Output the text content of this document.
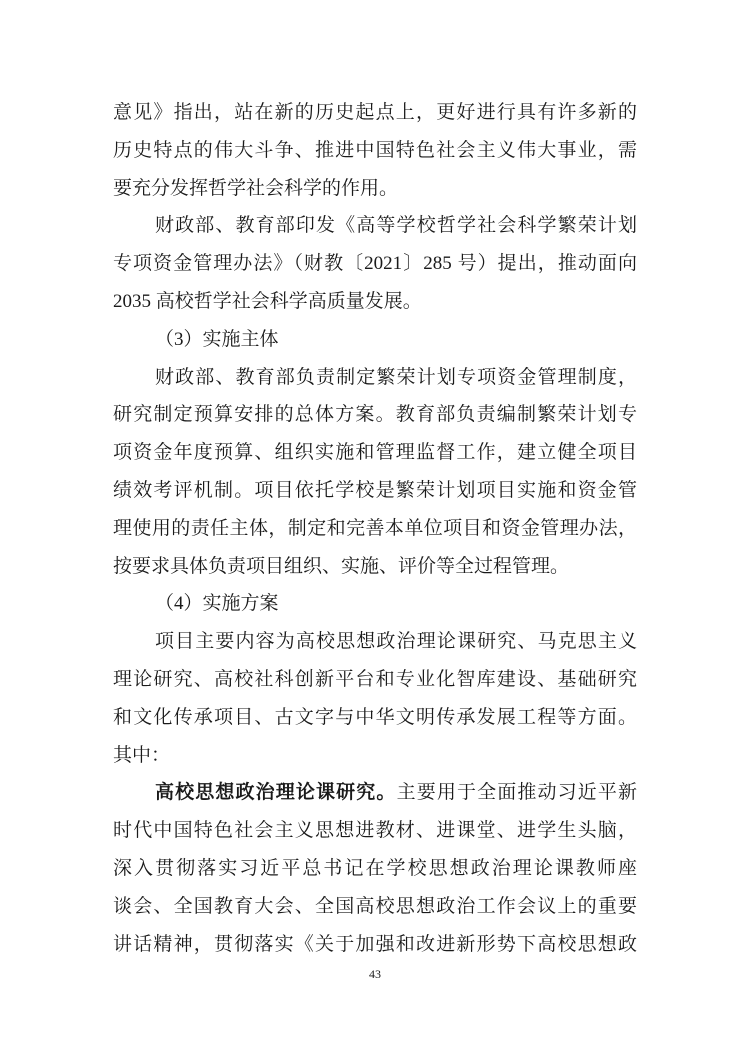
意见》指出，站在新的历史起点上，更好进行具有许多新的
历史特点的伟大斗争、推进中国特色社会主义伟大事业，需
要充分发挥哲学社会科学的作用。
财政部、教育部印发《高等学校哲学社会科学繁荣计划
专项资金管理办法》（财教〔2021〕285 号）提出，推动面向
2035 高校哲学社会科学高质量发展。
（3）实施主体
财政部、教育部负责制定繁荣计划专项资金管理制度，
研究制定预算安排的总体方案。教育部负责编制繁荣计划专
项资金年度预算、组织实施和管理监督工作，建立健全项目
绩效考评机制。项目依托学校是繁荣计划项目实施和资金管
理使用的责任主体，制定和完善本单位项目和资金管理办法，
按要求具体负责项目组织、实施、评价等全过程管理。
（4）实施方案
项目主要内容为高校思想政治理论课研究、马克思主义
理论研究、高校社科创新平台和专业化智库建设、基础研究
和文化传承项目、古文字与中华文明传承发展工程等方面。
其中：
高校思想政治理论课研究。主要用于全面推动习近平新
时代中国特色社会主义思想进教材、进课堂、进学生头脑，
深入贯彻落实习近平总书记在学校思想政治理论课教师座
谈会、全国教育大会、全国高校思想政治工作会议上的重要
讲话精神，贯彻落实《关于加强和改进新形势下高校思想政
43
